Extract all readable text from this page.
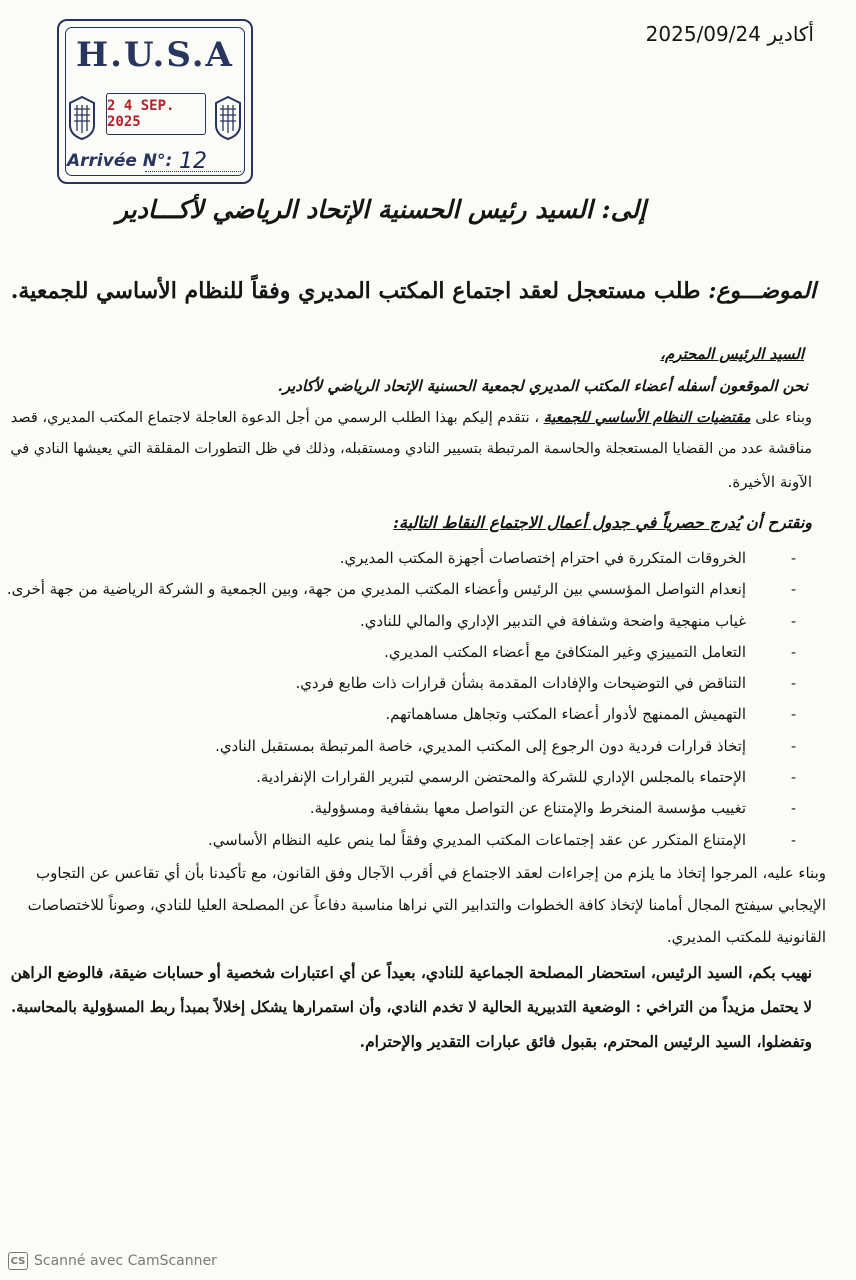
H.U.S.A
2 4 SEP. 2025
Arrivée N°: 12
أكادير 2025/09/24
إلى: السيد رئيس الحسنية الإتحاد الرياضي لأكـــادير
الموضـــوع: طلب مستعجل لعقد اجتماع المكتب المديري وفقاً للنظام الأساسي للجمعية.
السيد الرئيس المحترم،
نحن الموقعون أسفله أعضاء المكتب المديري لجمعية الحسنية الإتحاد الرياضي لأكادير.
وبناء على مقتضيات النظام الأساسي للجمعية ، نتقدم إليكم بهذا الطلب الرسمي من أجل الدعوة العاجلة لاجتماع المكتب المديري، قصد
مناقشة عدد من القضايا المستعجلة والحاسمة المرتبطة بتسيير النادي ومستقبله، وذلك في ظل التطورات المقلقة التي يعيشها النادي في
الآونة الأخيرة.
ونقترح أن يُدرج حصرياً في جدول أعمال الاجتماع النقاط التالية:
-
الخروقات المتكررة في احترام إختصاصات أجهزة المكتب المديري.
-
إنعدام التواصل المؤسسي بين الرئيس وأعضاء المكتب المديري من جهة، وبين الجمعية و الشركة الرياضية من جهة أخرى.
-
غياب منهجية واضحة وشفافة في التدبير الإداري والمالي للنادي.
-
التعامل التمييزي وغير المتكافئ مع أعضاء المكتب المديري.
-
التناقض في التوضيحات والإفادات المقدمة بشأن قرارات ذات طابع فردي.
-
التهميش الممنهج لأدوار أعضاء المكتب وتجاهل مساهماتهم.
-
إتخاذ قرارات فردية دون الرجوع إلى المكتب المديري، خاصة المرتبطة بمستقبل النادي.
-
الإحتماء بالمجلس الإداري للشركة والمحتضن الرسمي لتبرير القرارات الإنفرادية.
-
تغييب مؤسسة المنخرط والإمتناع عن التواصل معها بشفافية ومسؤولية.
-
الإمتناع المتكرر عن عقد إجتماعات المكتب المديري وفقاً لما ينص عليه النظام الأساسي.
وبناء عليه، المرجوا إتخاذ ما يلزم من إجراءات لعقد الاجتماع في أقرب الآجال وفق القانون، مع تأكيدنا بأن أي تقاعس عن التجاوب
الإيجابي سيفتح المجال أمامنا لإتخاذ كافة الخطوات والتدابير التي نراها مناسبة دفاعاً عن المصلحة العليا للنادي، وصوناً للاختصاصات
القانونية للمكتب المديري.
نهيب بكم، السيد الرئيس، استحضار المصلحة الجماعية للنادي، بعيداً عن أي اعتبارات شخصية أو حسابات ضيقة، فالوضع الراهن
لا يحتمل مزيداً من التراخي : الوضعية التدبيرية الحالية لا تخدم النادي، وأن استمرارها يشكل إخلالاً بمبدأ ربط المسؤولية بالمحاسبة.
وتفضلوا، السيد الرئيس المحترم، بقبول فائق عبارات التقدير والإحترام.
CS Scanné avec CamScanner
